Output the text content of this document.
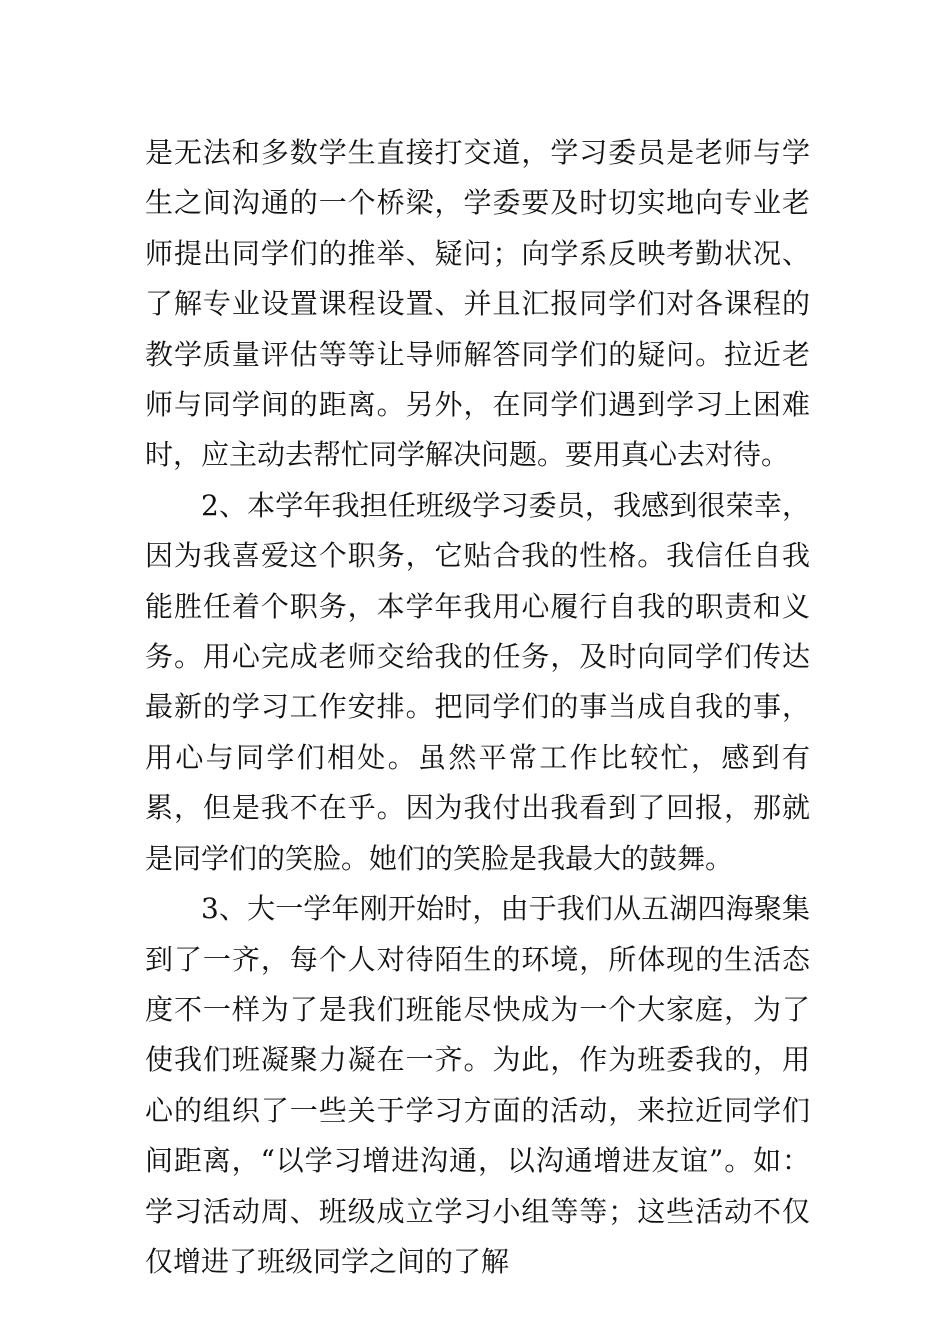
是无法和多数学生直接打交道，学习委员是老师与学生之间沟通的一个桥梁，学委要及时切实地向专业老师提出同学们的推举、疑问；向学系反映考勤状况、了解专业设置课程设置、并且汇报同学们对各课程的教学质量评估等等让导师解答同学们的疑问。拉近老师与同学间的距离。另外，在同学们遇到学习上困难时，应主动去帮忙同学解决问题。要用真心去对待。

2、本学年我担任班级学习委员，我感到很荣幸，因为我喜爱这个职务，它贴合我的性格。我信任自我能胜任着个职务，本学年我用心履行自我的职责和义务。用心完成老师交给我的任务，及时向同学们传达最新的学习工作安排。把同学们的事当成自我的事，用心与同学们相处。虽然平常工作比较忙，感到有累，但是我不在乎。因为我付出我看到了回报，那就是同学们的笑脸。她们的笑脸是我最大的鼓舞。

3、大一学年刚开始时，由于我们从五湖四海聚集到了一齐，每个人对待陌生的环境，所体现的生活态度不一样为了是我们班能尽快成为一个大家庭，为了使我们班凝聚力凝在一齐。为此，作为班委我的，用心的组织了一些关于学习方面的活动，来拉近同学们间距离，“以学习增进沟通，以沟通增进友谊”。如：学习活动周、班级成立学习小组等等；这些活动不仅仅增进了班级同学之间的了解
